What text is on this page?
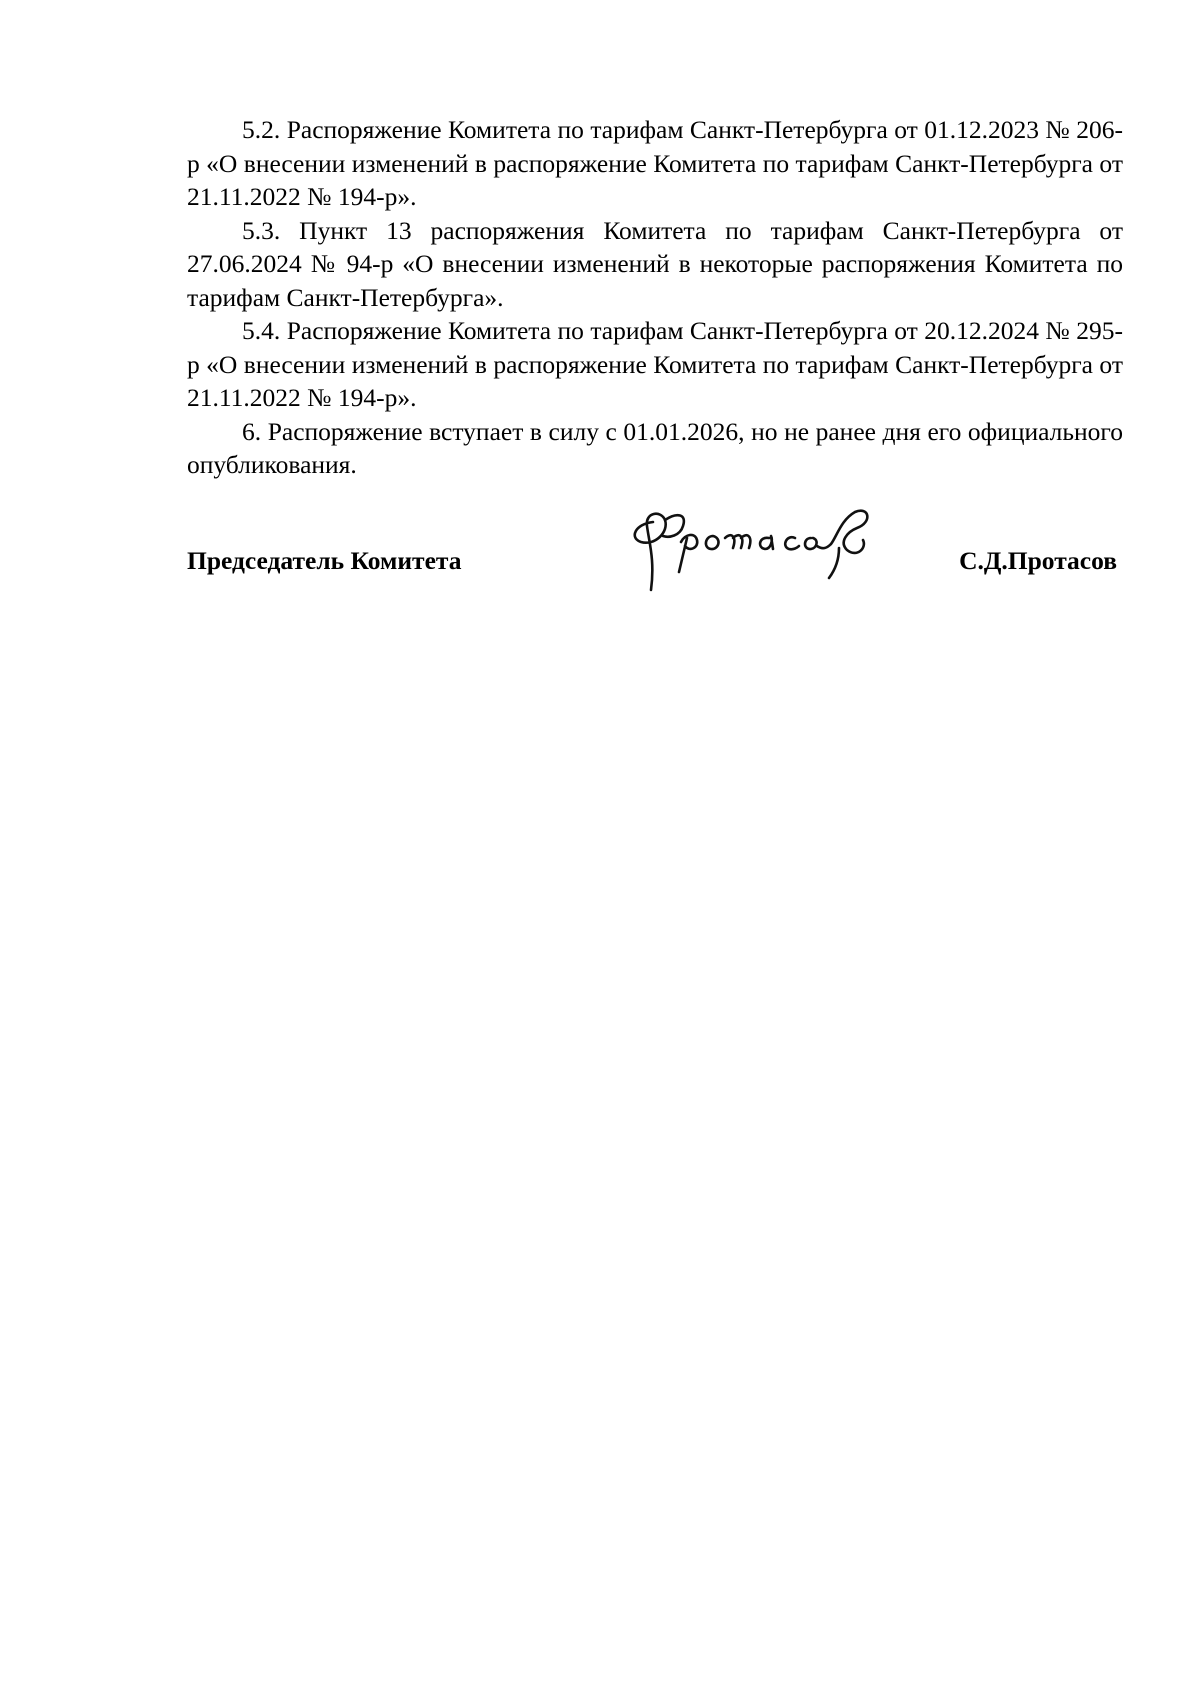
5.2. Распоряжение Комитета по тарифам Санкт-Петербурга от 01.12.2023 № 206-р «О внесении изменений в распоряжение Комитета по тарифам Санкт-Петербурга от 21.11.2022 № 194-р».

5.3. Пункт 13 распоряжения Комитета по тарифам Санкт-Петербурга от 27.06.2024 № 94-р «О внесении изменений в некоторые распоряжения Комитета по тарифам Санкт-Петербурга».

5.4. Распоряжение Комитета по тарифам Санкт-Петербурга от 20.12.2024 № 295-р «О внесении изменений в распоряжение Комитета по тарифам Санкт-Петербурга от 21.11.2022 № 194-р».

6. Распоряжение вступает в силу с 01.01.2026, но не ранее дня его официального опубликования.

Председатель Комитета	С.Д.Протасов
